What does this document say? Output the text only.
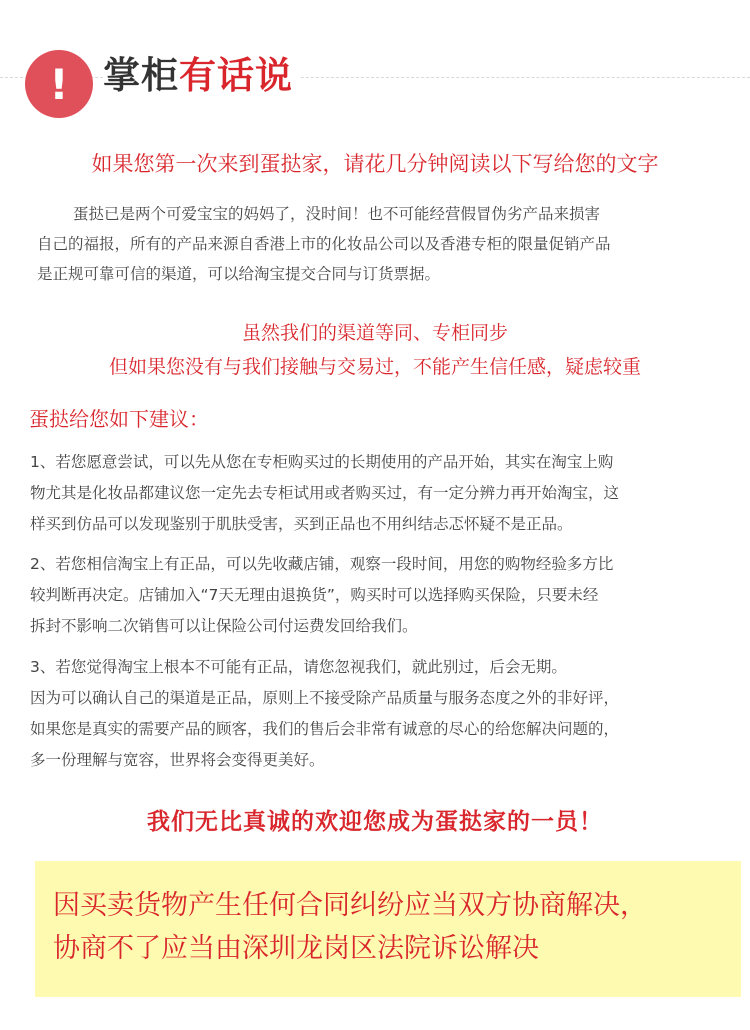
! 掌柜有话说
如果您第一次来到蛋挞家，请花几分钟阅读以下写给您的文字
蛋挞已是两个可爱宝宝的妈妈了，没时间！也不可能经营假冒伪劣产品来损害
自己的福报，所有的产品来源自香港上市的化妆品公司以及香港专柜的限量促销产品
是正规可靠可信的渠道，可以给淘宝提交合同与订货票据。
虽然我们的渠道等同、专柜同步
但如果您没有与我们接触与交易过，不能产生信任感，疑虑较重
蛋挞给您如下建议：
1、若您愿意尝试，可以先从您在专柜购买过的长期使用的产品开始，其实在淘宝上购
物尤其是化妆品都建议您一定先去专柜试用或者购买过，有一定分辨力再开始淘宝，这
样买到仿品可以发现鉴别于肌肤受害，买到正品也不用纠结忐忑怀疑不是正品。
2、若您相信淘宝上有正品，可以先收藏店铺，观察一段时间，用您的购物经验多方比
较判断再决定。店铺加入“7天无理由退换货”，购买时可以选择购买保险，只要未经
拆封不影响二次销售可以让保险公司付运费发回给我们。
3、若您觉得淘宝上根本不可能有正品，请您忽视我们，就此别过，后会无期。
因为可以确认自己的渠道是正品，原则上不接受除产品质量与服务态度之外的非好评，
如果您是真实的需要产品的顾客，我们的售后会非常有诚意的尽心的给您解决问题的，
多一份理解与宽容，世界将会变得更美好。
我们无比真诚的欢迎您成为蛋挞家的一员！
因买卖货物产生任何合同纠纷应当双方协商解决，
协商不了应当由深圳龙岗区法院诉讼解决
